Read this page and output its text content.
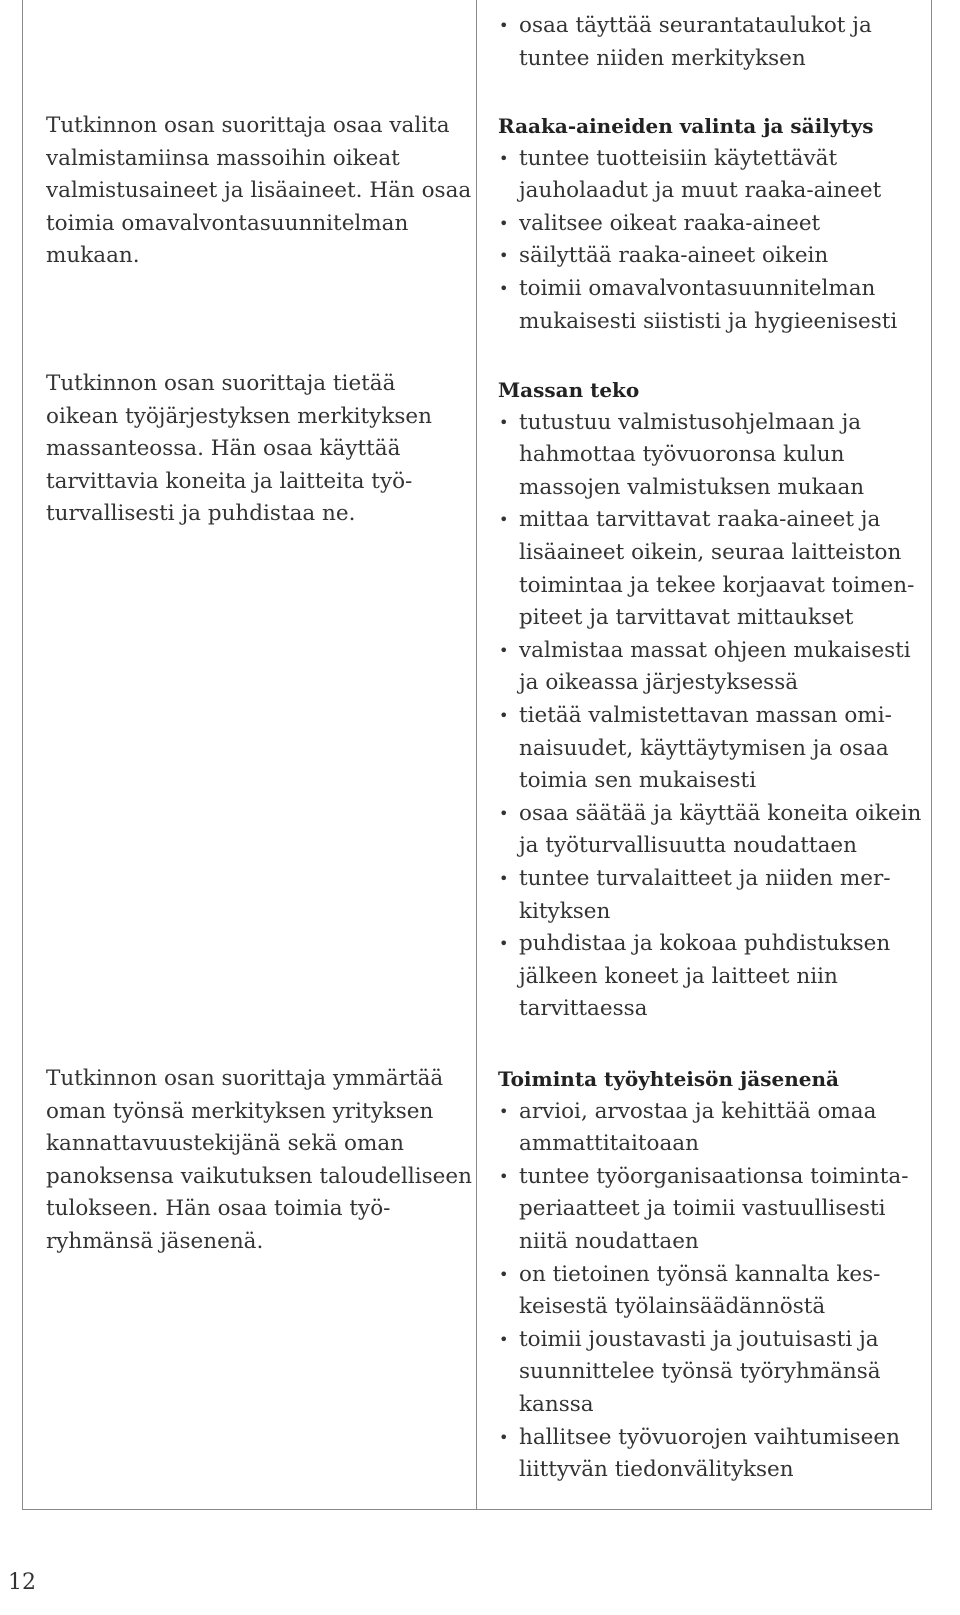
Tutkinnon osan suorittaja osaa valita
valmistamiinsa massoihin oikeat
valmistusaineet ja lisäaineet. Hän osaa
toimia omavalvontasuunnitelman
mukaan.
Tutkinnon osan suorittaja tietää
oikean työjärjestyksen merkityksen
massanteossa. Hän osaa käyttää
tarvittavia koneita ja laitteita työ-
turvallisesti ja puhdistaa ne.
Tutkinnon osan suorittaja ymmärtää
oman työnsä merkityksen yrityksen
kannattavuustekijänä sekä oman
panoksensa vaikutuksen taloudelliseen
tulokseen. Hän osaa toimia työ-
ryhmänsä jäsenenä.
• osaa täyttää seurantataulukot ja
tuntee niiden merkityksen
Raaka-aineiden valinta ja säilytys
• tuntee tuotteisiin käytettävät
jauholaadut ja muut raaka-aineet
• valitsee oikeat raaka-aineet
• säilyttää raaka-aineet oikein
• toimii omavalvontasuunnitelman
mukaisesti siististi ja hygieenisesti
Massan teko
• tutustuu valmistusohjelmaan ja
hahmottaa työvuoronsa kulun
massojen valmistuksen mukaan
• mittaa tarvittavat raaka-aineet ja
lisäaineet oikein, seuraa laitteiston
toimintaa ja tekee korjaavat toimen-
piteet ja tarvittavat mittaukset
• valmistaa massat ohjeen mukaisesti
ja oikeassa järjestyksessä
• tietää valmistettavan massan omi-
naisuudet, käyttäytymisen ja osaa
toimia sen mukaisesti
• osaa säätää ja käyttää koneita oikein
ja työturvallisuutta noudattaen
• tuntee turvalaitteet ja niiden mer-
kityksen
• puhdistaa ja kokoaa puhdistuksen
jälkeen koneet ja laitteet niin
tarvittaessa
Toiminta työyhteisön jäsenenä
• arvioi, arvostaa ja kehittää omaa
ammattitaitoaan
• tuntee työorganisaationsa toiminta-
periaatteet ja toimii vastuullisesti
niitä noudattaen
• on tietoinen työnsä kannalta kes-
keisestä työlainsäädännöstä
• toimii joustavasti ja joutuisasti ja
suunnittelee työnsä työryhmänsä
kanssa
• hallitsee työvuorojen vaihtumiseen
liittyvän tiedonvälityksen
12
